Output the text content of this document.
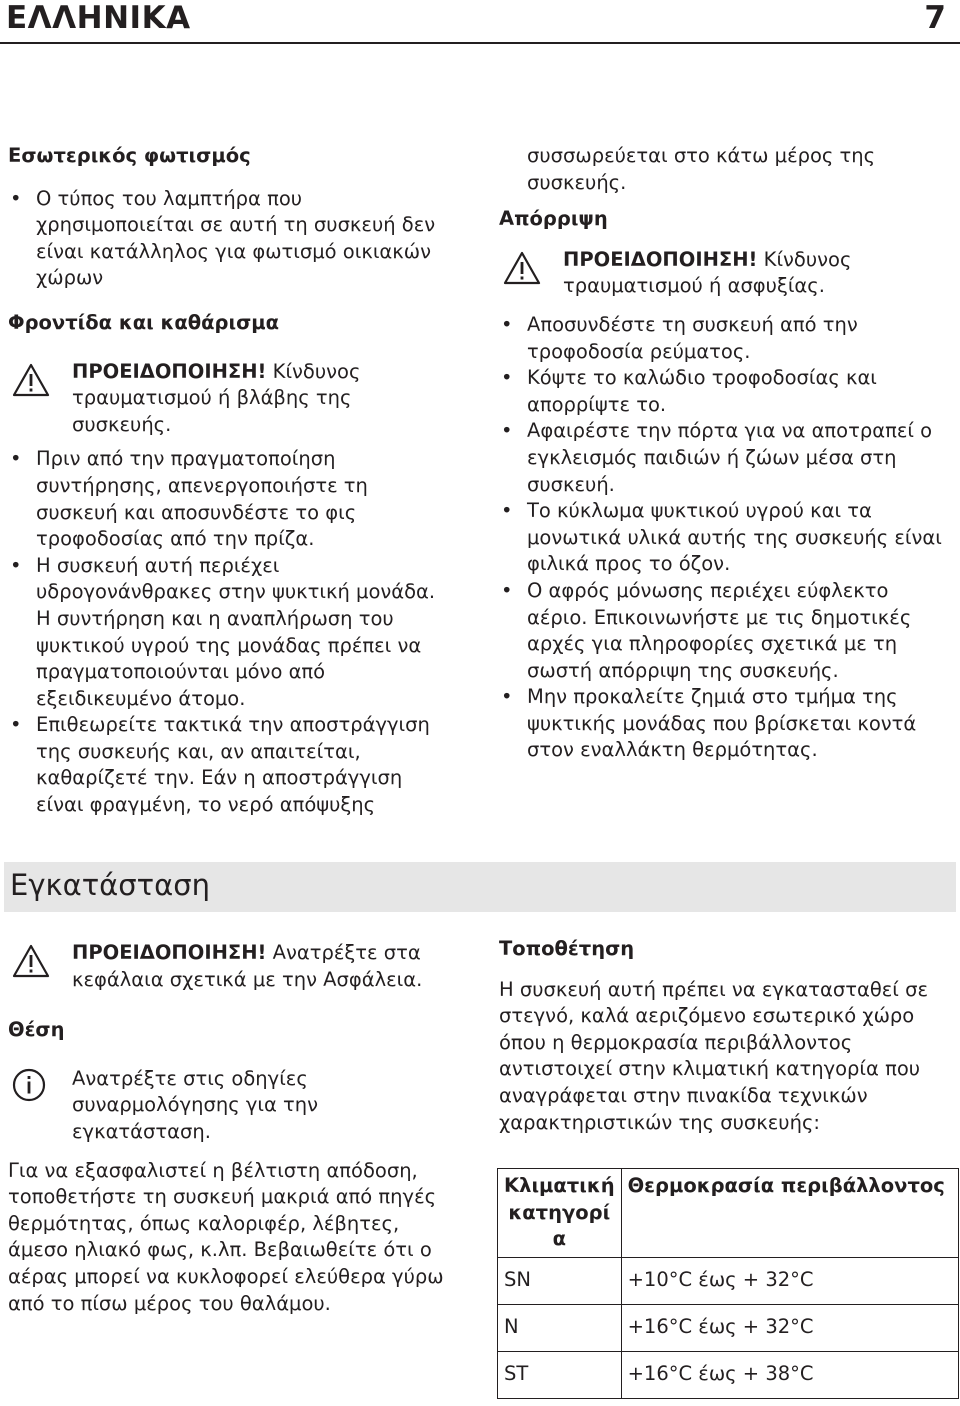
ΕΛΛΗΝΙΚΑ	7

Εσωτερικός φωτισμός

• Ο τύπος του λαμπτήρα που χρησιμοποιείται σε αυτή τη συσκευή δεν είναι κατάλληλος για φωτισμό οικιακών χώρων

Φροντίδα και καθάρισμα

ΠΡΟΕΙΔΟΠΟΙΗΣΗ! Κίνδυνος τραυματισμού ή βλάβης της συσκευής.
• Πριν από την πραγματοποίηση συντήρησης, απενεργοποιήστε τη συσκευή και αποσυνδέστε το φις τροφοδοσίας από την πρίζα.
• Η συσκευή αυτή περιέχει υδρογονάνθρακες στην ψυκτική μονάδα. Η συντήρηση και η αναπλήρωση του ψυκτικού υγρού της μονάδας πρέπει να πραγματοποιούνται μόνο από εξειδικευμένο άτομο.
• Επιθεωρείτε τακτικά την αποστράγγιση της συσκευής και, αν απαιτείται, καθαρίζετέ την. Εάν η αποστράγγιση είναι φραγμένη, το νερό απόψυξης

συσσωρεύεται στο κάτω μέρος της συσκευής.

Απόρριψη

ΠΡΟΕΙΔΟΠΟΙΗΣΗ! Κίνδυνος τραυματισμού ή ασφυξίας.
• Αποσυνδέστε τη συσκευή από την τροφοδοσία ρεύματος.
• Κόψτε το καλώδιο τροφοδοσίας και απορρίψτε το.
• Αφαιρέστε την πόρτα για να αποτραπεί ο εγκλεισμός παιδιών ή ζώων μέσα στη συσκευή.
• Το κύκλωμα ψυκτικού υγρού και τα μονωτικά υλικά αυτής της συσκευής είναι φιλικά προς το όζον.
• Ο αφρός μόνωσης περιέχει εύφλεκτο αέριο. Επικοινωνήστε με τις δημοτικές αρχές για πληροφορίες σχετικά με τη σωστή απόρριψη της συσκευής.
• Μην προκαλείτε ζημιά στο τμήμα της ψυκτικής μονάδας που βρίσκεται κοντά στον εναλλάκτη θερμότητας.
Εγκατάσταση
ΠΡΟΕΙΔΟΠΟΙΗΣΗ! Ανατρέξτε στα κεφάλαια σχετικά με την Ασφάλεια.

Θέση

Ανατρέξτε στις οδηγίες συναρμολόγησης για την εγκατάσταση.

Για να εξασφαλιστεί η βέλτιστη απόδοση, τοποθετήστε τη συσκευή μακριά από πηγές θερμότητας, όπως καλοριφέρ, λέβητες, άμεσο ηλιακό φως, κ.λπ. Βεβαιωθείτε ότι ο αέρας μπορεί να κυκλοφορεί ελεύθερα γύρω από το πίσω μέρος του θαλάμου.

Τοποθέτηση

Η συσκευή αυτή πρέπει να εγκατασταθεί σε στεγνό, καλά αεριζόμενο εσωτερικό χώρο όπου η θερμοκρασία περιβάλλοντος αντιστοιχεί στην κλιματική κατηγορία που αναγράφεται στην πινακίδα τεχνικών χαρακτηριστικών της συσκευής:

Κλιματική κατηγορί α	Θερμοκρασία περιβάλλοντος
SN	+10°C έως + 32°C
N	+16°C έως + 32°C
ST	+16°C έως + 38°C
